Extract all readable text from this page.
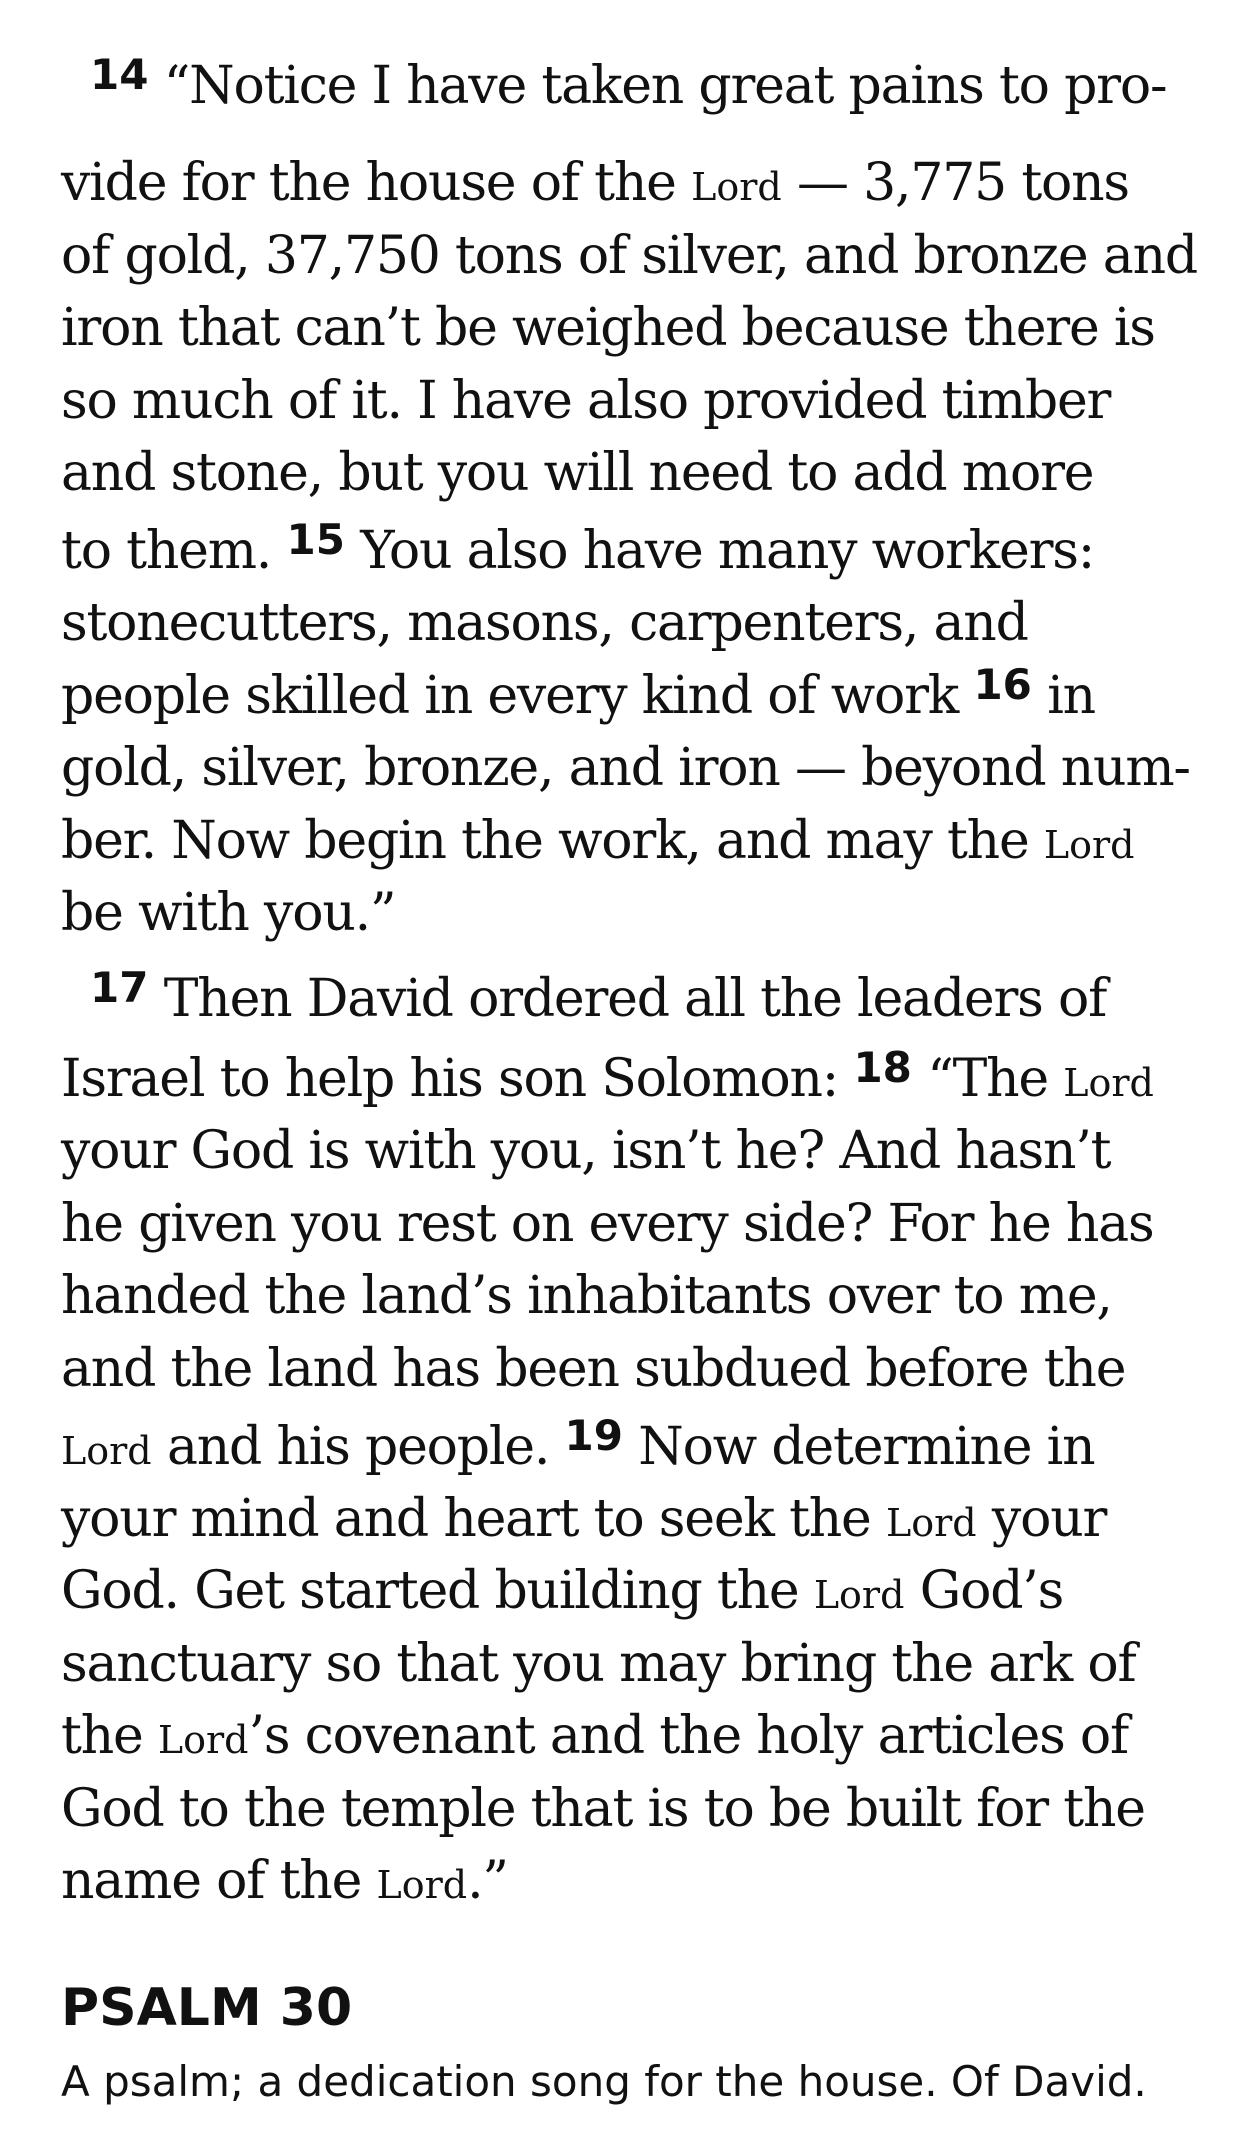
$^{14}$ “Notice I have taken great pains to pro-
vide for the house of the Lord — 3,775 tons
of gold, 37,750 tons of silver, and bronze and
iron that can’t be weighed because there is
so much of it. I have also provided timber
and stone, but you will need to add more
to them. $^{15}$ You also have many workers:
stonecutters, masons, carpenters, and
people skilled in every kind of work $^{16}$ in
gold, silver, bronze, and iron — beyond num-
ber. Now begin the work, and may the Lord
be with you.”
$^{17}$ Then David ordered all the leaders of
Israel to help his son Solomon: $^{18}$ “The Lord
your God is with you, isn’t he? And hasn’t
he given you rest on every side? For he has
handed the land’s inhabitants over to me,
and the land has been subdued before the
Lord and his people. $^{19}$ Now determine in
your mind and heart to seek the Lord your
God. Get started building the Lord God’s
sanctuary so that you may bring the ark of
the Lord’s covenant and the holy articles of
God to the temple that is to be built for the
name of the Lord.”
PSALM 30
A psalm; a dedication song for the house. Of David.
